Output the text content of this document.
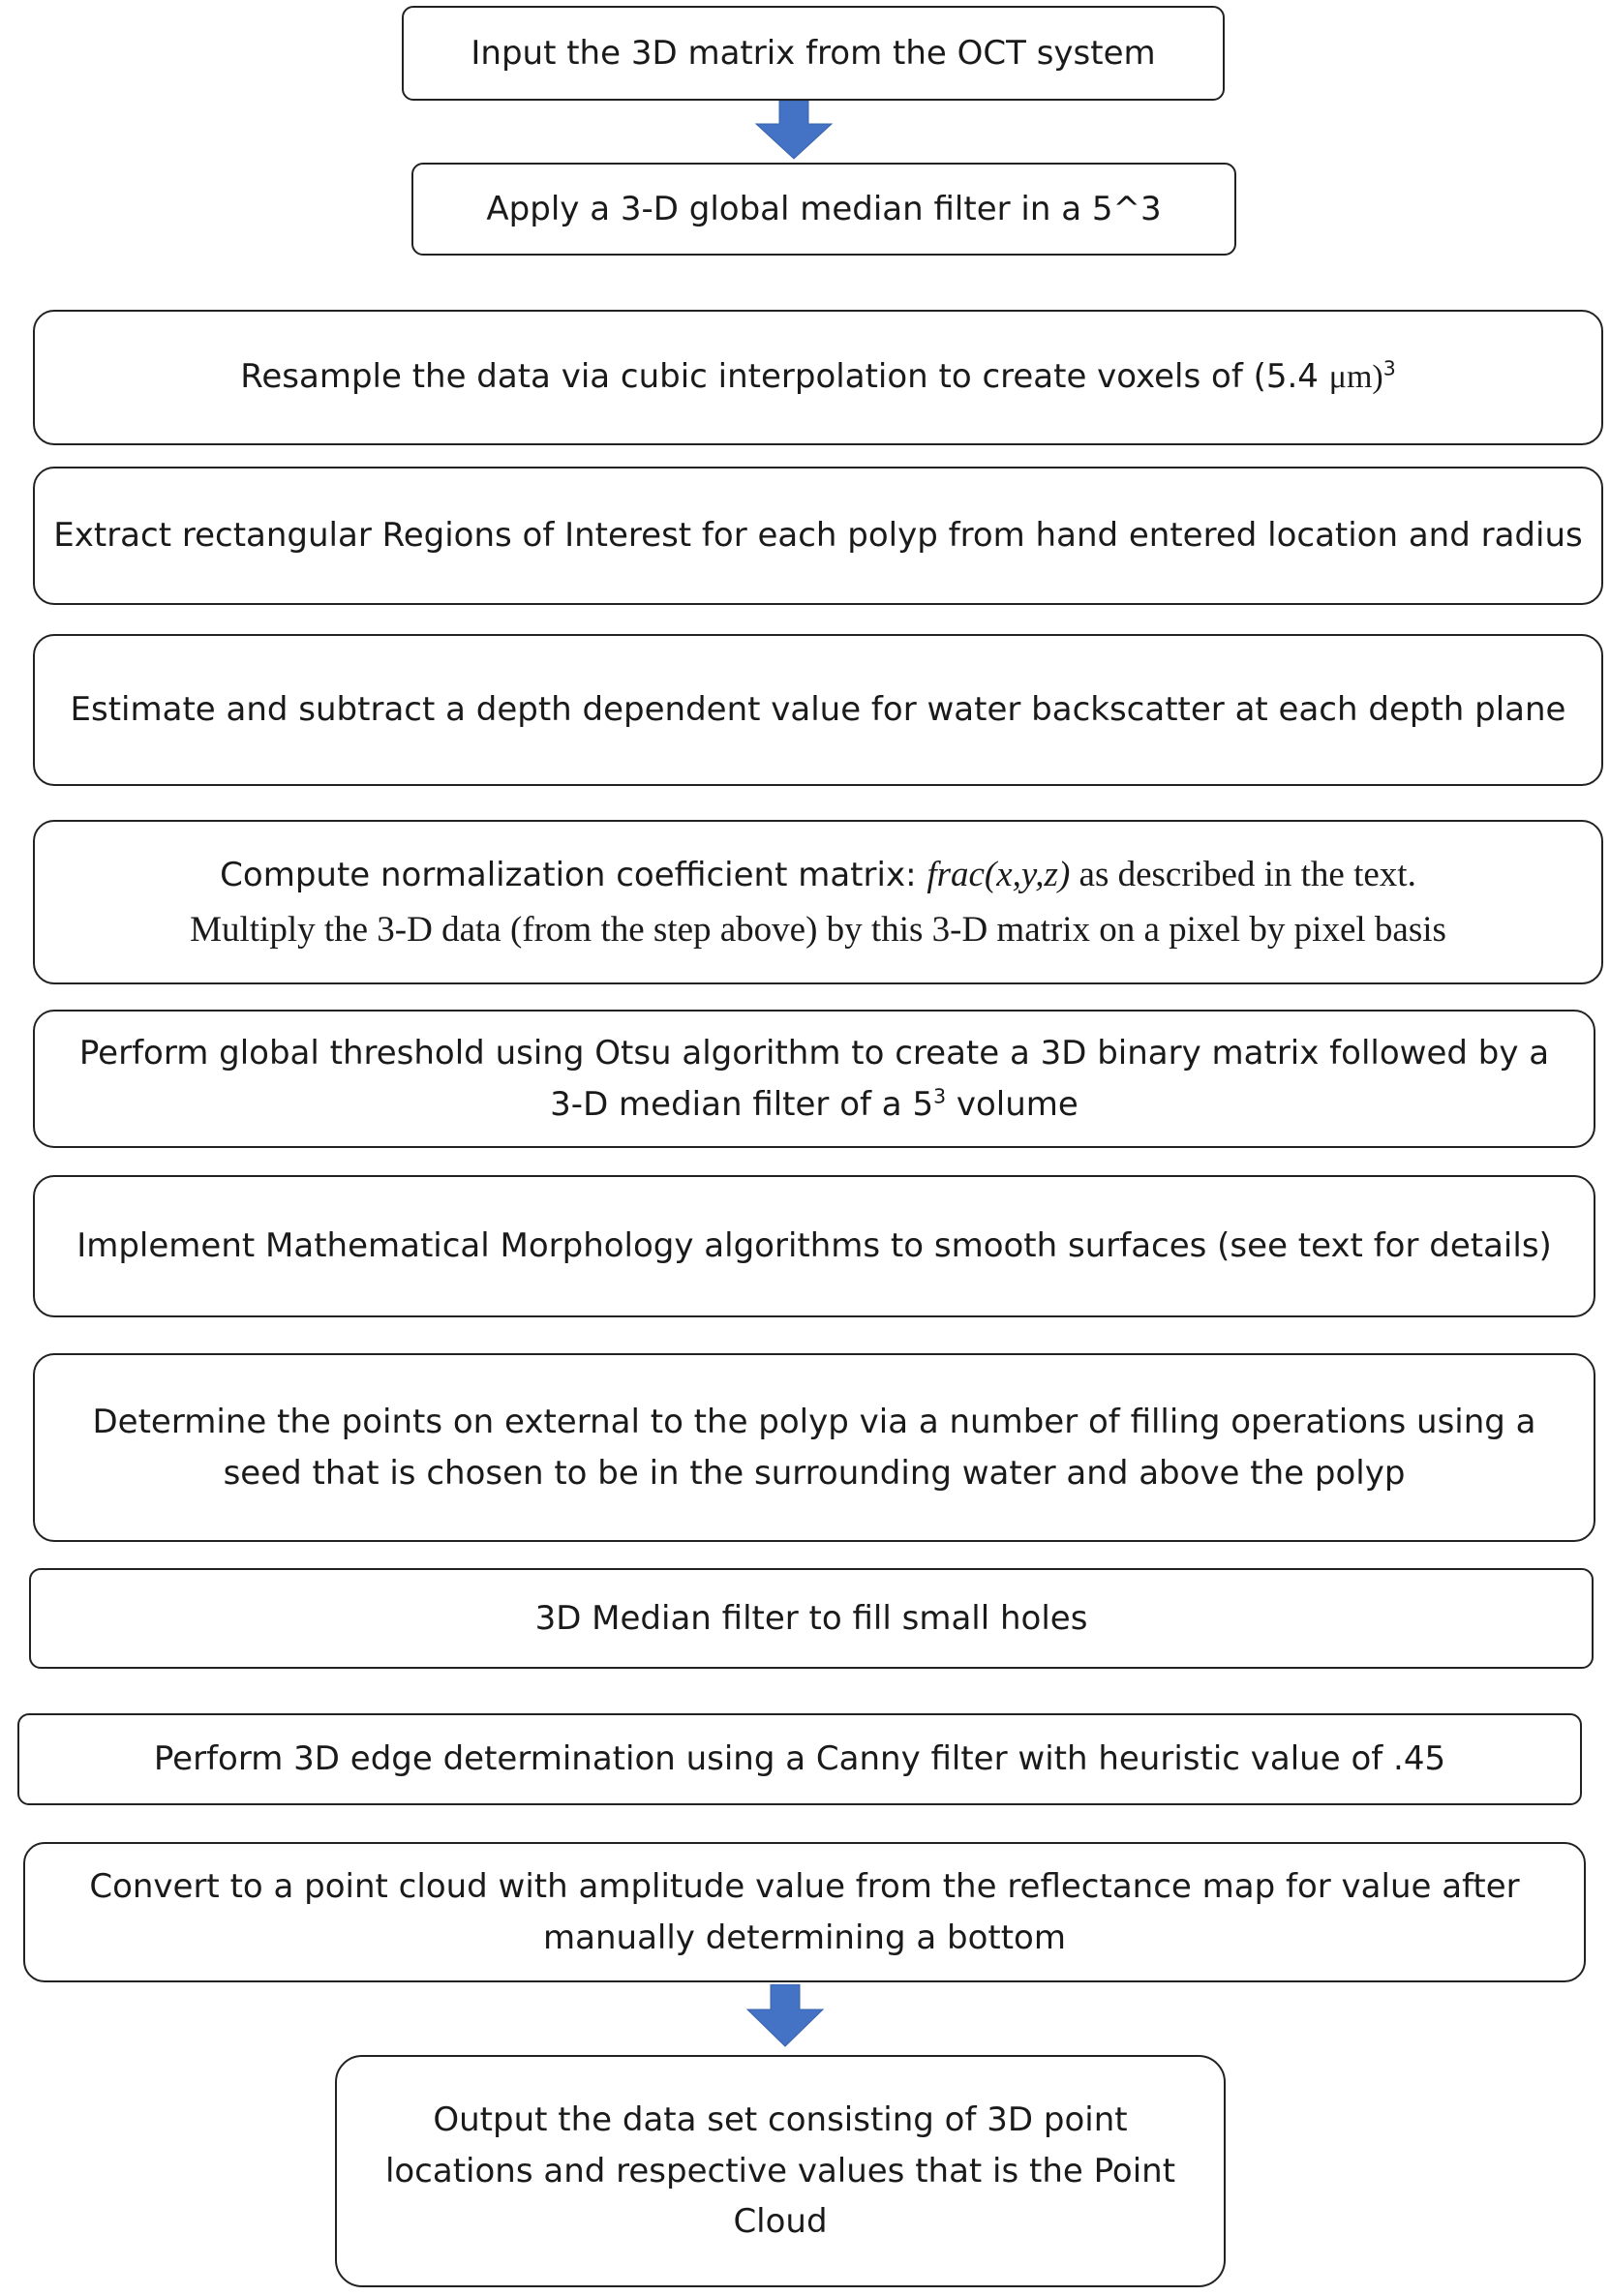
Input the 3D matrix from the OCT system
Apply a 3-D global median filter in a 5^3
Resample the data via cubic interpolation to create voxels of (5.4 μm)$^3$
Extract rectangular Regions of Interest for each polyp from hand entered location and radius
Estimate and subtract a depth dependent value for water backscatter at each depth plane
Compute normalization coefficient matrix: frac(x,y,z) as described in the text.
Multiply the 3-D data (from the step above) by this 3-D matrix on a pixel by pixel basis
Perform global threshold using Otsu algorithm to create a 3D binary matrix followed by a
3-D median filter of a $5^3$ volume
Implement Mathematical Morphology algorithms to smooth surfaces (see text for details)
Determine the points on external to the polyp via a number of filling operations using a
seed that is chosen to be in the surrounding water and above the polyp
3D Median filter to fill small holes
Perform 3D edge determination using a Canny filter with heuristic value of .45
Convert to a point cloud with amplitude value from the reflectance map for value after
manually determining a bottom
Output the data set consisting of 3D point
locations and respective values that is the Point
Cloud
